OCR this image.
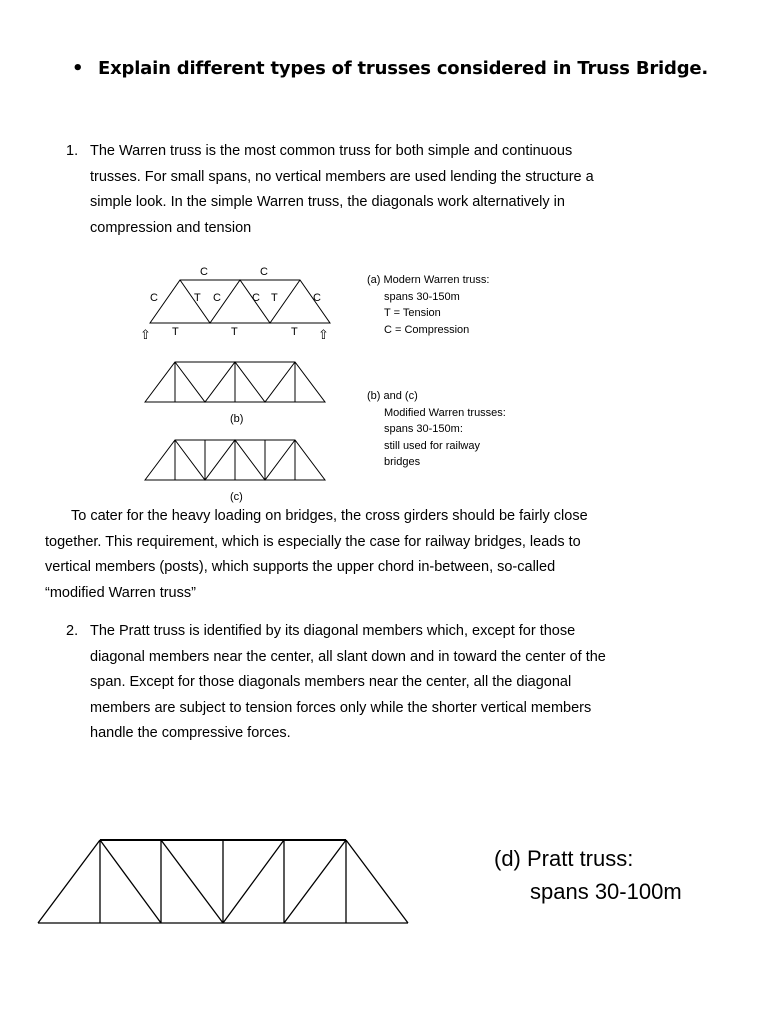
• Explain different types of trusses considered in Truss Bridge.
1. The Warren truss is the most common truss for both simple and continuous
trusses. For small spans, no vertical members are used lending the structure a
simple look. In the simple Warren truss, the diagonals work alternatively in
compression and tension
C	C
C	T C	C T	C
T	T	T
⇧	⇧
(b)
(c)
(a) Modern Warren truss:
spans 30-150m
T = Tension
C = Compression
(b) and (c)
Modified Warren trusses:
spans 30-150m:
still used for railway
bridges
To cater for the heavy loading on bridges, the cross girders should be fairly close
together. This requirement, which is especially the case for railway bridges, leads to
vertical members (posts), which supports the upper chord in-between, so-called
“modified Warren truss”
2. The Pratt truss is identified by its diagonal members which, except for those
diagonal members near the center, all slant down and in toward the center of the
span. Except for those diagonals members near the center, all the diagonal
members are subject to tension forces only while the shorter vertical members
handle the compressive forces.
(d) Pratt truss:
spans 30-100m
